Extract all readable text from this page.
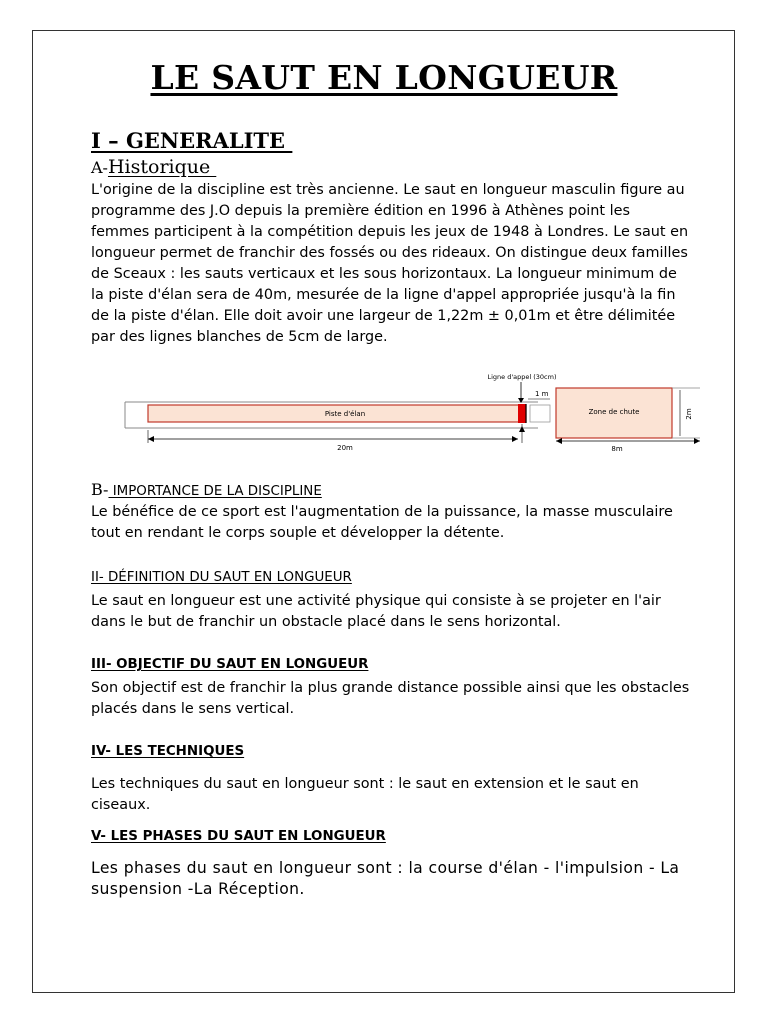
LE SAUT EN LONGUEUR
I – GENERALITE
A-Historique
L'origine de la discipline est très ancienne. Le saut en longueur masculin figure au programme des J.O depuis la première édition en 1996 à Athènes point les femmes participent à la compétition depuis les jeux de 1948 à Londres. Le saut en longueur permet de franchir des fossés ou des rideaux. On distingue deux familles de Sceaux : les sauts verticaux et les sous horizontaux. La longueur minimum de la piste d'élan sera de 40m, mesurée de la ligne d'appel appropriée jusqu'à la fin de la piste d'élan. Elle doit avoir une largeur de 1,22m ± 0,01m et être délimitée par des lignes blanches de 5cm de large.
Piste d'élan
Ligne d'appel (30cm)
1 m
Zone de chute	2m
20m	8m
B- IMPORTANCE DE LA DISCIPLINE
Le bénéfice de ce sport est l'augmentation de la puissance, la masse musculaire tout en rendant le corps souple et développer la détente.
II- DÉFINITION DU SAUT EN LONGUEUR
Le saut en longueur est une activité physique qui consiste à se projeter en l'air dans le but de franchir un obstacle placé dans le sens horizontal.
III- OBJECTIF DU SAUT EN LONGUEUR
Son objectif est de franchir la plus grande distance possible ainsi que les obstacles placés dans le sens vertical.
IV- LES TECHNIQUES
Les techniques du saut en longueur sont : le saut en extension et le saut en ciseaux.
V- LES PHASES DU SAUT EN LONGUEUR
Les phases du saut en longueur sont : la course d'élan - l'impulsion - La suspension -La Réception.
